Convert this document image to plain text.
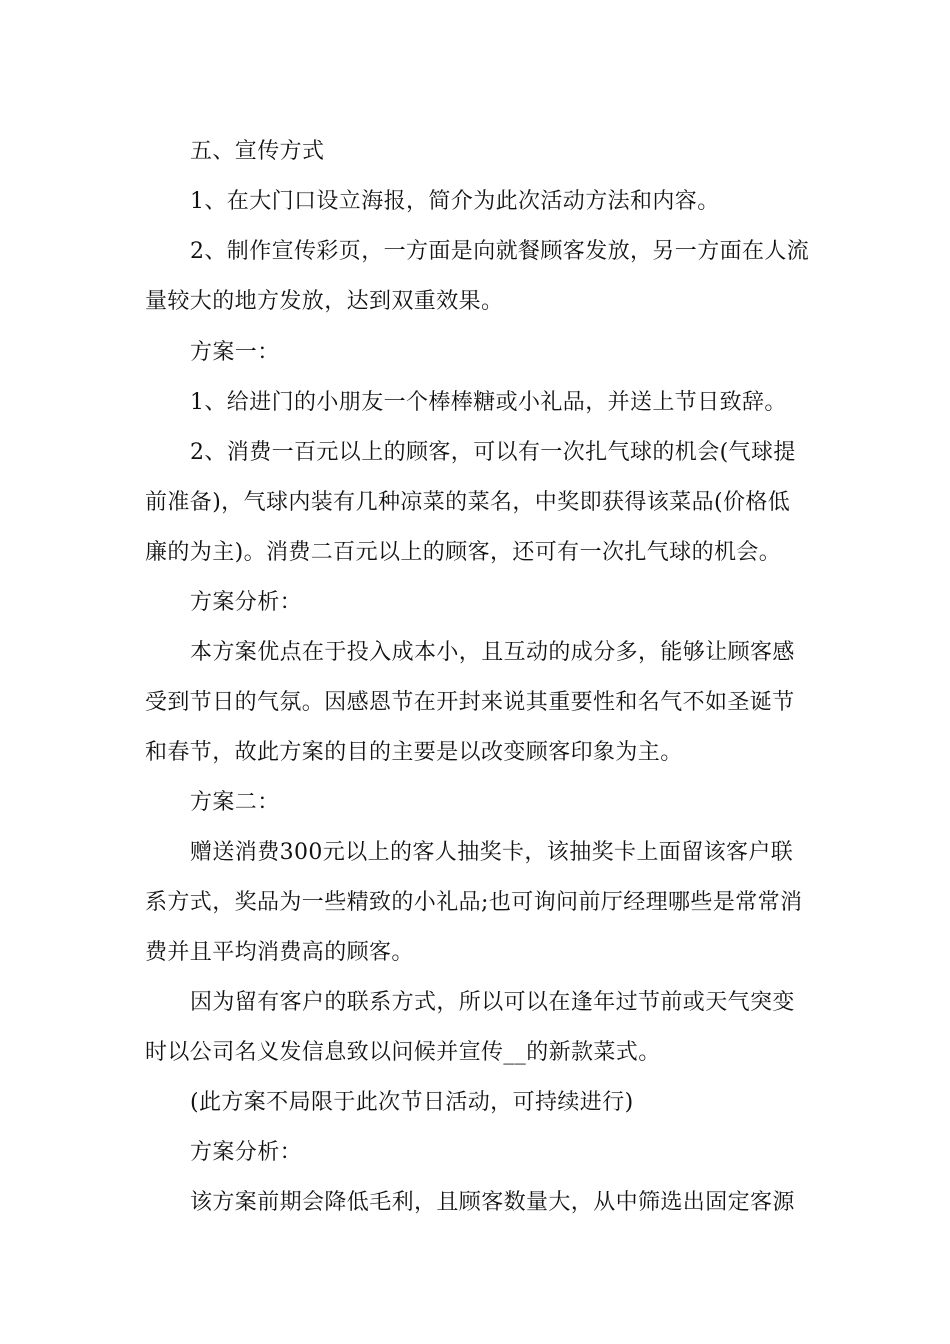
五、宣传方式
1、在大门口设立海报，简介为此次活动方法和内容。
2、制作宣传彩页，一方面是向就餐顾客发放，另一方面在人流
量较大的地方发放，达到双重效果。
方案一：
1、给进门的小朋友一个棒棒糖或小礼品，并送上节日致辞。
2、消费一百元以上的顾客，可以有一次扎气球的机会(气球提
前准备)，气球内装有几种凉菜的菜名，中奖即获得该菜品(价格低
廉的为主)。消费二百元以上的顾客，还可有一次扎气球的机会。
方案分析：
本方案优点在于投入成本小，且互动的成分多，能够让顾客感
受到节日的气氛。因感恩节在开封来说其重要性和名气不如圣诞节
和春节，故此方案的目的主要是以改变顾客印象为主。
方案二：
赠送消费300元以上的客人抽奖卡，该抽奖卡上面留该客户联
系方式，奖品为一些精致的小礼品;也可询问前厅经理哪些是常常消
费并且平均消费高的顾客。
因为留有客户的联系方式，所以可以在逢年过节前或天气突变
时以公司名义发信息致以问候并宣传__的新款菜式。
(此方案不局限于此次节日活动，可持续进行)
方案分析：
该方案前期会降低毛利，且顾客数量大，从中筛选出固定客源
